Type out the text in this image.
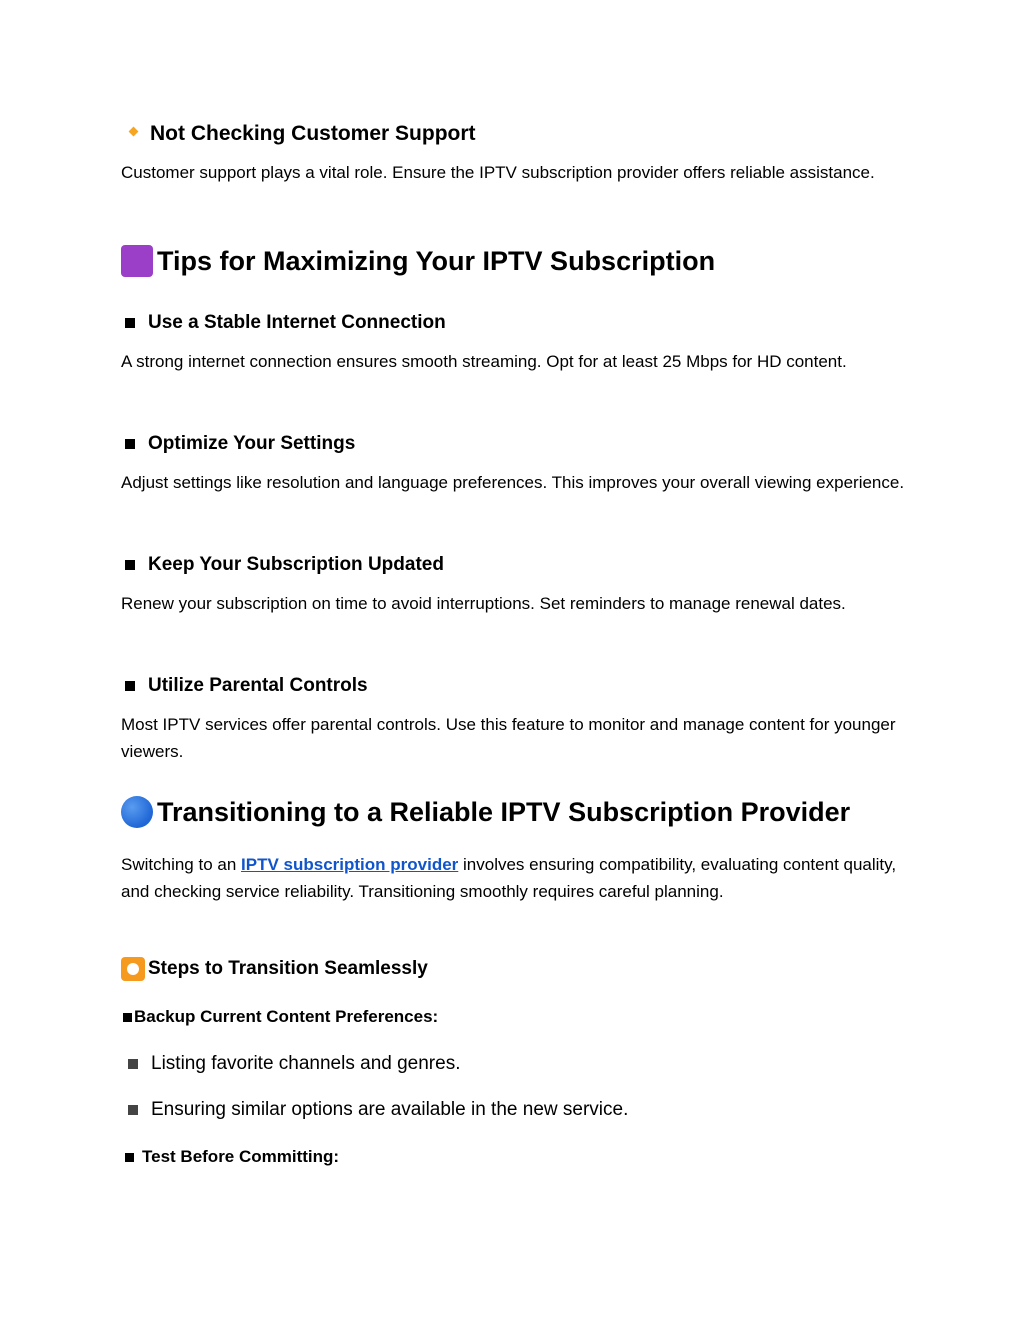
Not Checking Customer Support
Customer support plays a vital role. Ensure the IPTV subscription provider offers reliable assistance.
Tips for Maximizing Your IPTV Subscription
Use a Stable Internet Connection
A strong internet connection ensures smooth streaming. Opt for at least 25 Mbps for HD content.
Optimize Your Settings
Adjust settings like resolution and language preferences. This improves your overall viewing experience.
Keep Your Subscription Updated
Renew your subscription on time to avoid interruptions. Set reminders to manage renewal dates.
Utilize Parental Controls
Most IPTV services offer parental controls. Use this feature to monitor and manage content for younger viewers.
Transitioning to a Reliable IPTV Subscription Provider
Switching to an IPTV subscription provider involves ensuring compatibility, evaluating content quality, and checking service reliability. Transitioning smoothly requires careful planning.
Steps to Transition Seamlessly
Backup Current Content Preferences:
Listing favorite channels and genres.
Ensuring similar options are available in the new service.
Test Before Committing:
